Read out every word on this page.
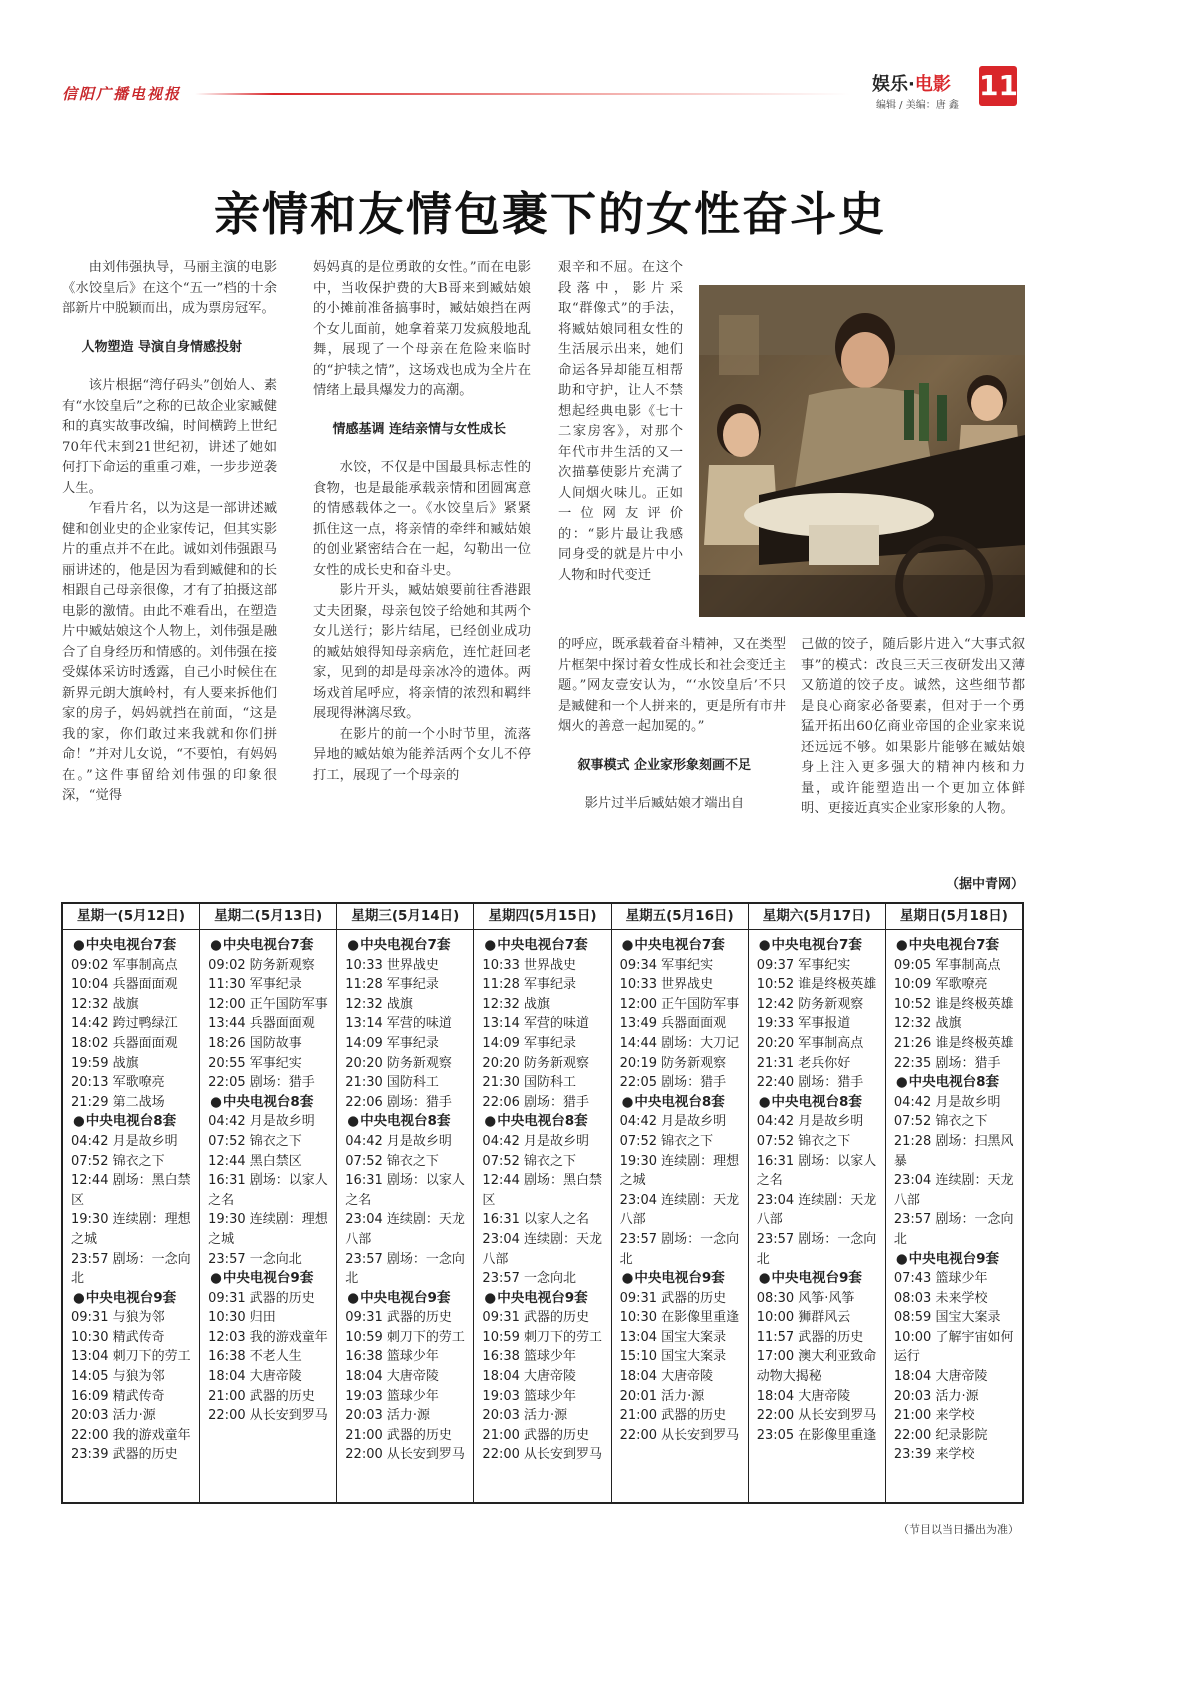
信阳广播电视报	娱乐·电影
编辑 / 美编：唐 鑫
11
亲情和友情包裹下的女性奋斗史

由刘伟强执导，马丽主演的电影《水饺皇后》在这个“五一”档的十余部新片中脱颖而出，成为票房冠军。

人物塑造 导演自身情感投射

该片根据“湾仔码头”创始人、素有“水饺皇后”之称的已故企业家臧健和的真实故事改编，时间横跨上世纪70年代末到21世纪初，讲述了她如何打下命运的重重刁难，一步步逆袭人生。

乍看片名，以为这是一部讲述臧健和创业史的企业家传记，但其实影片的重点并不在此。诚如刘伟强跟马丽讲述的，他是因为看到臧健和的长相跟自己母亲很像，才有了拍摄这部电影的激情。由此不难看出，在塑造片中臧姑娘这个人物上，刘伟强是融合了自身经历和情感的。刘伟强在接受媒体采访时透露，自己小时候住在新界元朗大旗岭村，有人要来拆他们家的房子，妈妈就挡在前面，“这是我的家，你们敢过来我就和你们拼命！”并对儿女说，“不要怕，有妈妈在。”这件事留给刘伟强的印象很深，“觉得

妈妈真的是位勇敢的女性。”而在电影中，当收保护费的大B哥来到臧姑娘的小摊前准备搞事时，臧姑娘挡在两个女儿面前，她拿着菜刀发疯般地乱舞，展现了一个母亲在危险来临时的“护犊之情”，这场戏也成为全片在情绪上最具爆发力的高潮。

情感基调 连结亲情与女性成长

水饺，不仅是中国最具标志性的食物，也是最能承载亲情和团圆寓意的情感载体之一。《水饺皇后》紧紧抓住这一点，将亲情的牵绊和臧姑娘的创业紧密结合在一起，勾勒出一位女性的成长史和奋斗史。

影片开头，臧姑娘要前往香港跟丈夫团聚，母亲包饺子给她和其两个女儿送行；影片结尾，已经创业成功的臧姑娘得知母亲病危，连忙赶回老家，见到的却是母亲冰冷的遗体。两场戏首尾呼应，将亲情的浓烈和羁绊展现得淋漓尽致。

在影片的前一个小时节里，流落异地的臧姑娘为能养活两个女儿不停打工，展现了一个母亲的

艰辛和不屈。在这个段落中，影片采取“群像式”的手法，将臧姑娘同租女性的生活展示出来，她们命运各异却能互相帮助和守护，让人不禁想起经典电影《七十二家房客》，对那个年代市井生活的又一次描摹使影片充满了人间烟火味儿。正如一位网友评价的：“影片最让我感同身受的就是片中小人物和时代变迁

的呼应，既承载着奋斗精神，又在类型片框架中探讨着女性成长和社会变迁主题。”网友壹安认为，“‘水饺皇后’不只是臧健和一个人拼来的，更是所有市井烟火的善意一起加冕的。”

叙事模式 企业家形象刻画不足

影片过半后臧姑娘才端出自

己做的饺子，随后影片进入“大事式叙事”的模式：改良三天三夜研发出又薄又筋道的饺子皮。诚然，这些细节都是良心商家必备要素，但对于一个勇猛开拓出60亿商业帝国的企业家来说还远远不够。如果影片能够在臧姑娘身上注入更多强大的精神内核和力量，或许能塑造出一个更加立体鲜明、更接近真实企业家形象的人物。

（据中青网）
星期一(5月12日)
● 中央电视台7套
09:02 军事制高点
10:04 兵器面面观
12:32 战旗
14:42 跨过鸭绿江
18:02 兵器面面观
19:59 战旗
20:13 军歌嘹亮
21:29 第二战场
● 中央电视台8套
04:42 月是故乡明
07:52 锦衣之下
12:44 剧场：黑白禁区
19:30 连续剧：理想之城
23:57 剧场：一念向北
● 中央电视台9套
09:31 与狼为邻
10:30 精武传奇
13:04 刺刀下的劳工
14:05 与狼为邻
16:09 精武传奇
20:03 活力·源
22:00 我的游戏童年
23:39 武器的历史
星期二(5月13日)
● 中央电视台7套
09:02 防务新观察
11:30 军事纪录
12:00 正午国防军事
13:44 兵器面面观
18:26 国防故事
20:55 军事纪实
22:05 剧场：猎手
● 中央电视台8套
04:42 月是故乡明
07:52 锦衣之下
12:44 黑白禁区
16:31 剧场：以家人之名
19:30 连续剧：理想之城
23:57 一念向北
● 中央电视台9套
09:31 武器的历史
10:30 归田
12:03 我的游戏童年
16:38 不老人生
18:04 大唐帝陵
21:00 武器的历史
22:00 从长安到罗马
星期三(5月14日)
● 中央电视台7套
10:33 世界战史
11:28 军事纪录
12:32 战旗
13:14 军营的味道
14:09 军事纪录
20:20 防务新观察
21:30 国防科工
22:06 剧场：猎手
● 中央电视台8套
04:42 月是故乡明
07:52 锦衣之下
16:31 剧场：以家人之名
23:04 连续剧：天龙八部
23:57 剧场：一念向北
● 中央电视台9套
09:31 武器的历史
10:59 刺刀下的劳工
16:38 篮球少年
18:04 大唐帝陵
19:03 篮球少年
20:03 活力·源
21:00 武器的历史
22:00 从长安到罗马
星期四(5月15日)
● 中央电视台7套
10:33 世界战史
11:28 军事纪录
12:32 战旗
13:14 军营的味道
14:09 军事纪录
20:20 防务新观察
21:30 国防科工
22:06 剧场：猎手
● 中央电视台8套
04:42 月是故乡明
07:52 锦衣之下
12:44 剧场：黑白禁区
16:31 以家人之名
23:04 连续剧：天龙八部
23:57 一念向北
● 中央电视台9套
09:31 武器的历史
10:59 刺刀下的劳工
16:38 篮球少年
18:04 大唐帝陵
19:03 篮球少年
20:03 活力·源
21:00 武器的历史
22:00 从长安到罗马
星期五(5月16日)
● 中央电视台7套
09:34 军事纪实
10:33 世界战史
12:00 正午国防军事
13:49 兵器面面观
14:44 剧场：大刀记
20:19 防务新观察
22:05 剧场：猎手
● 中央电视台8套
04:42 月是故乡明
07:52 锦衣之下
19:30 连续剧：理想之城
23:04 连续剧：天龙八部
23:57 剧场：一念向北
● 中央电视台9套
09:31 武器的历史
10:30 在影像里重逢
13:04 国宝大案录
15:10 国宝大案录
18:04 大唐帝陵
20:01 活力·源
21:00 武器的历史
22:00 从长安到罗马
星期六(5月17日)
● 中央电视台7套
09:37 军事纪实
10:52 谁是终极英雄
12:42 防务新观察
19:33 军事报道
20:20 军事制高点
21:31 老兵你好
22:40 剧场：猎手
● 中央电视台8套
04:42 月是故乡明
07:52 锦衣之下
16:31 剧场：以家人之名
23:04 连续剧：天龙八部
23:57 剧场：一念向北
● 中央电视台9套
08:30 风筝·风筝
10:00 狮群风云
11:57 武器的历史
17:00 澳大利亚致命动物大揭秘
18:04 大唐帝陵
22:00 从长安到罗马
23:05 在影像里重逢
星期日(5月18日)
● 中央电视台7套
09:05 军事制高点
10:09 军歌嘹亮
10:52 谁是终极英雄
12:32 战旗
21:26 谁是终极英雄
22:35 剧场：猎手
● 中央电视台8套
04:42 月是故乡明
07:52 锦衣之下
21:28 剧场：扫黑风暴
23:04 连续剧：天龙八部
23:57 剧场：一念向北
● 中央电视台9套
07:43 篮球少年
08:03 未来学校
08:59 国宝大案录
10:00 了解宇宙如何运行
18:04 大唐帝陵
20:03 活力·源
21:00 来学校
22:00 纪录影院
23:39 来学校
（节目以当日播出为准）
